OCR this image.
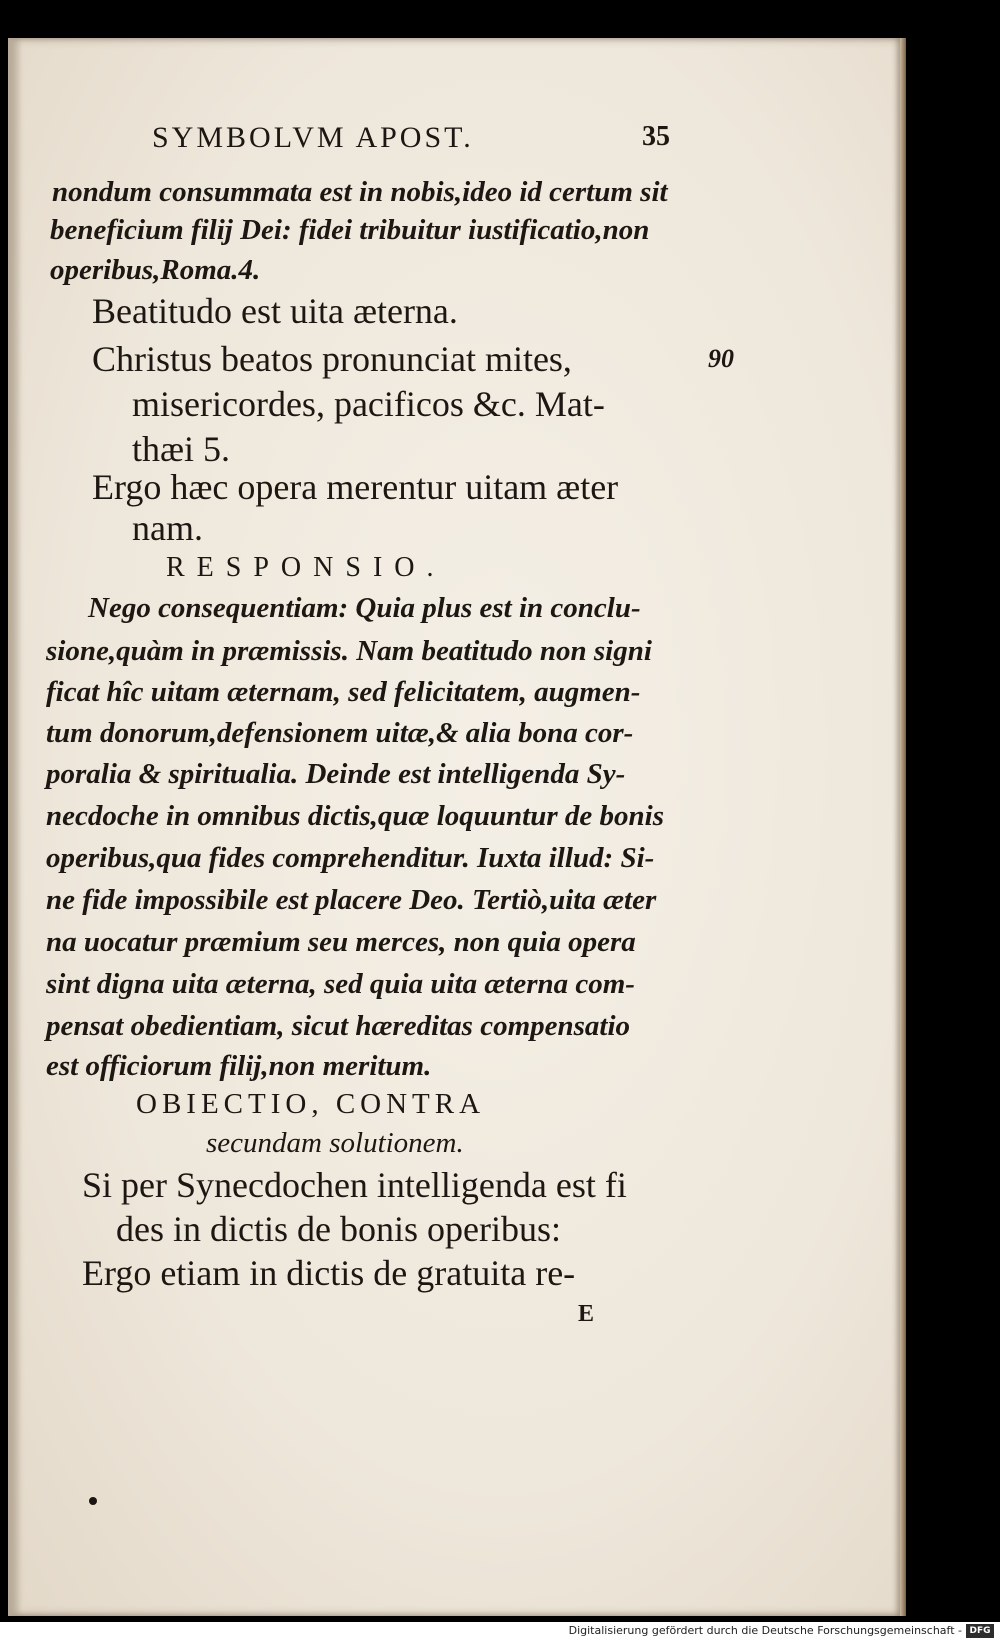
SYMBOLVM APOST.	35
90
nondum consummata est in nobis,ideo id certum sit
beneficium filij Dei: fidei tribuitur iustificatio,non
operibus,Roma.4.
Beatitudo est uita æterna.
Christus beatos pronunciat mites,
misericordes, pacificos &c. Mat-
thæi 5.
Ergo hæc opera merentur uitam æter
nam.
RESPONSIO.
Nego consequentiam: Quia plus est in conclu-
sione,quàm in præmissis. Nam beatitudo non signi
ficat hîc uitam æternam, sed felicitatem, augmen-
tum donorum,defensionem uitæ,& alia bona cor-
poralia & spiritualia. Deinde est intelligenda Sy-
necdoche in omnibus dictis,quæ loquuntur de bonis
operibus,qua fides comprehenditur. Iuxta illud: Si-
ne fide impossibile est placere Deo. Tertiò,uita æter
na uocatur præmium seu merces, non quia opera
sint digna uita æterna, sed quia uita æterna com-
pensat obedientiam, sicut hæreditas compensatio
est officiorum filij,non meritum.
OBIECTIO, CONTRA
secundam solutionem.
Si per Synecdochen intelligenda est fi
des in dictis de bonis operibus:
Ergo etiam in dictis de gratuita re-
E
Digitalisierung gefördert durch die Deutsche Forschungsgemeinschaft - DFG
